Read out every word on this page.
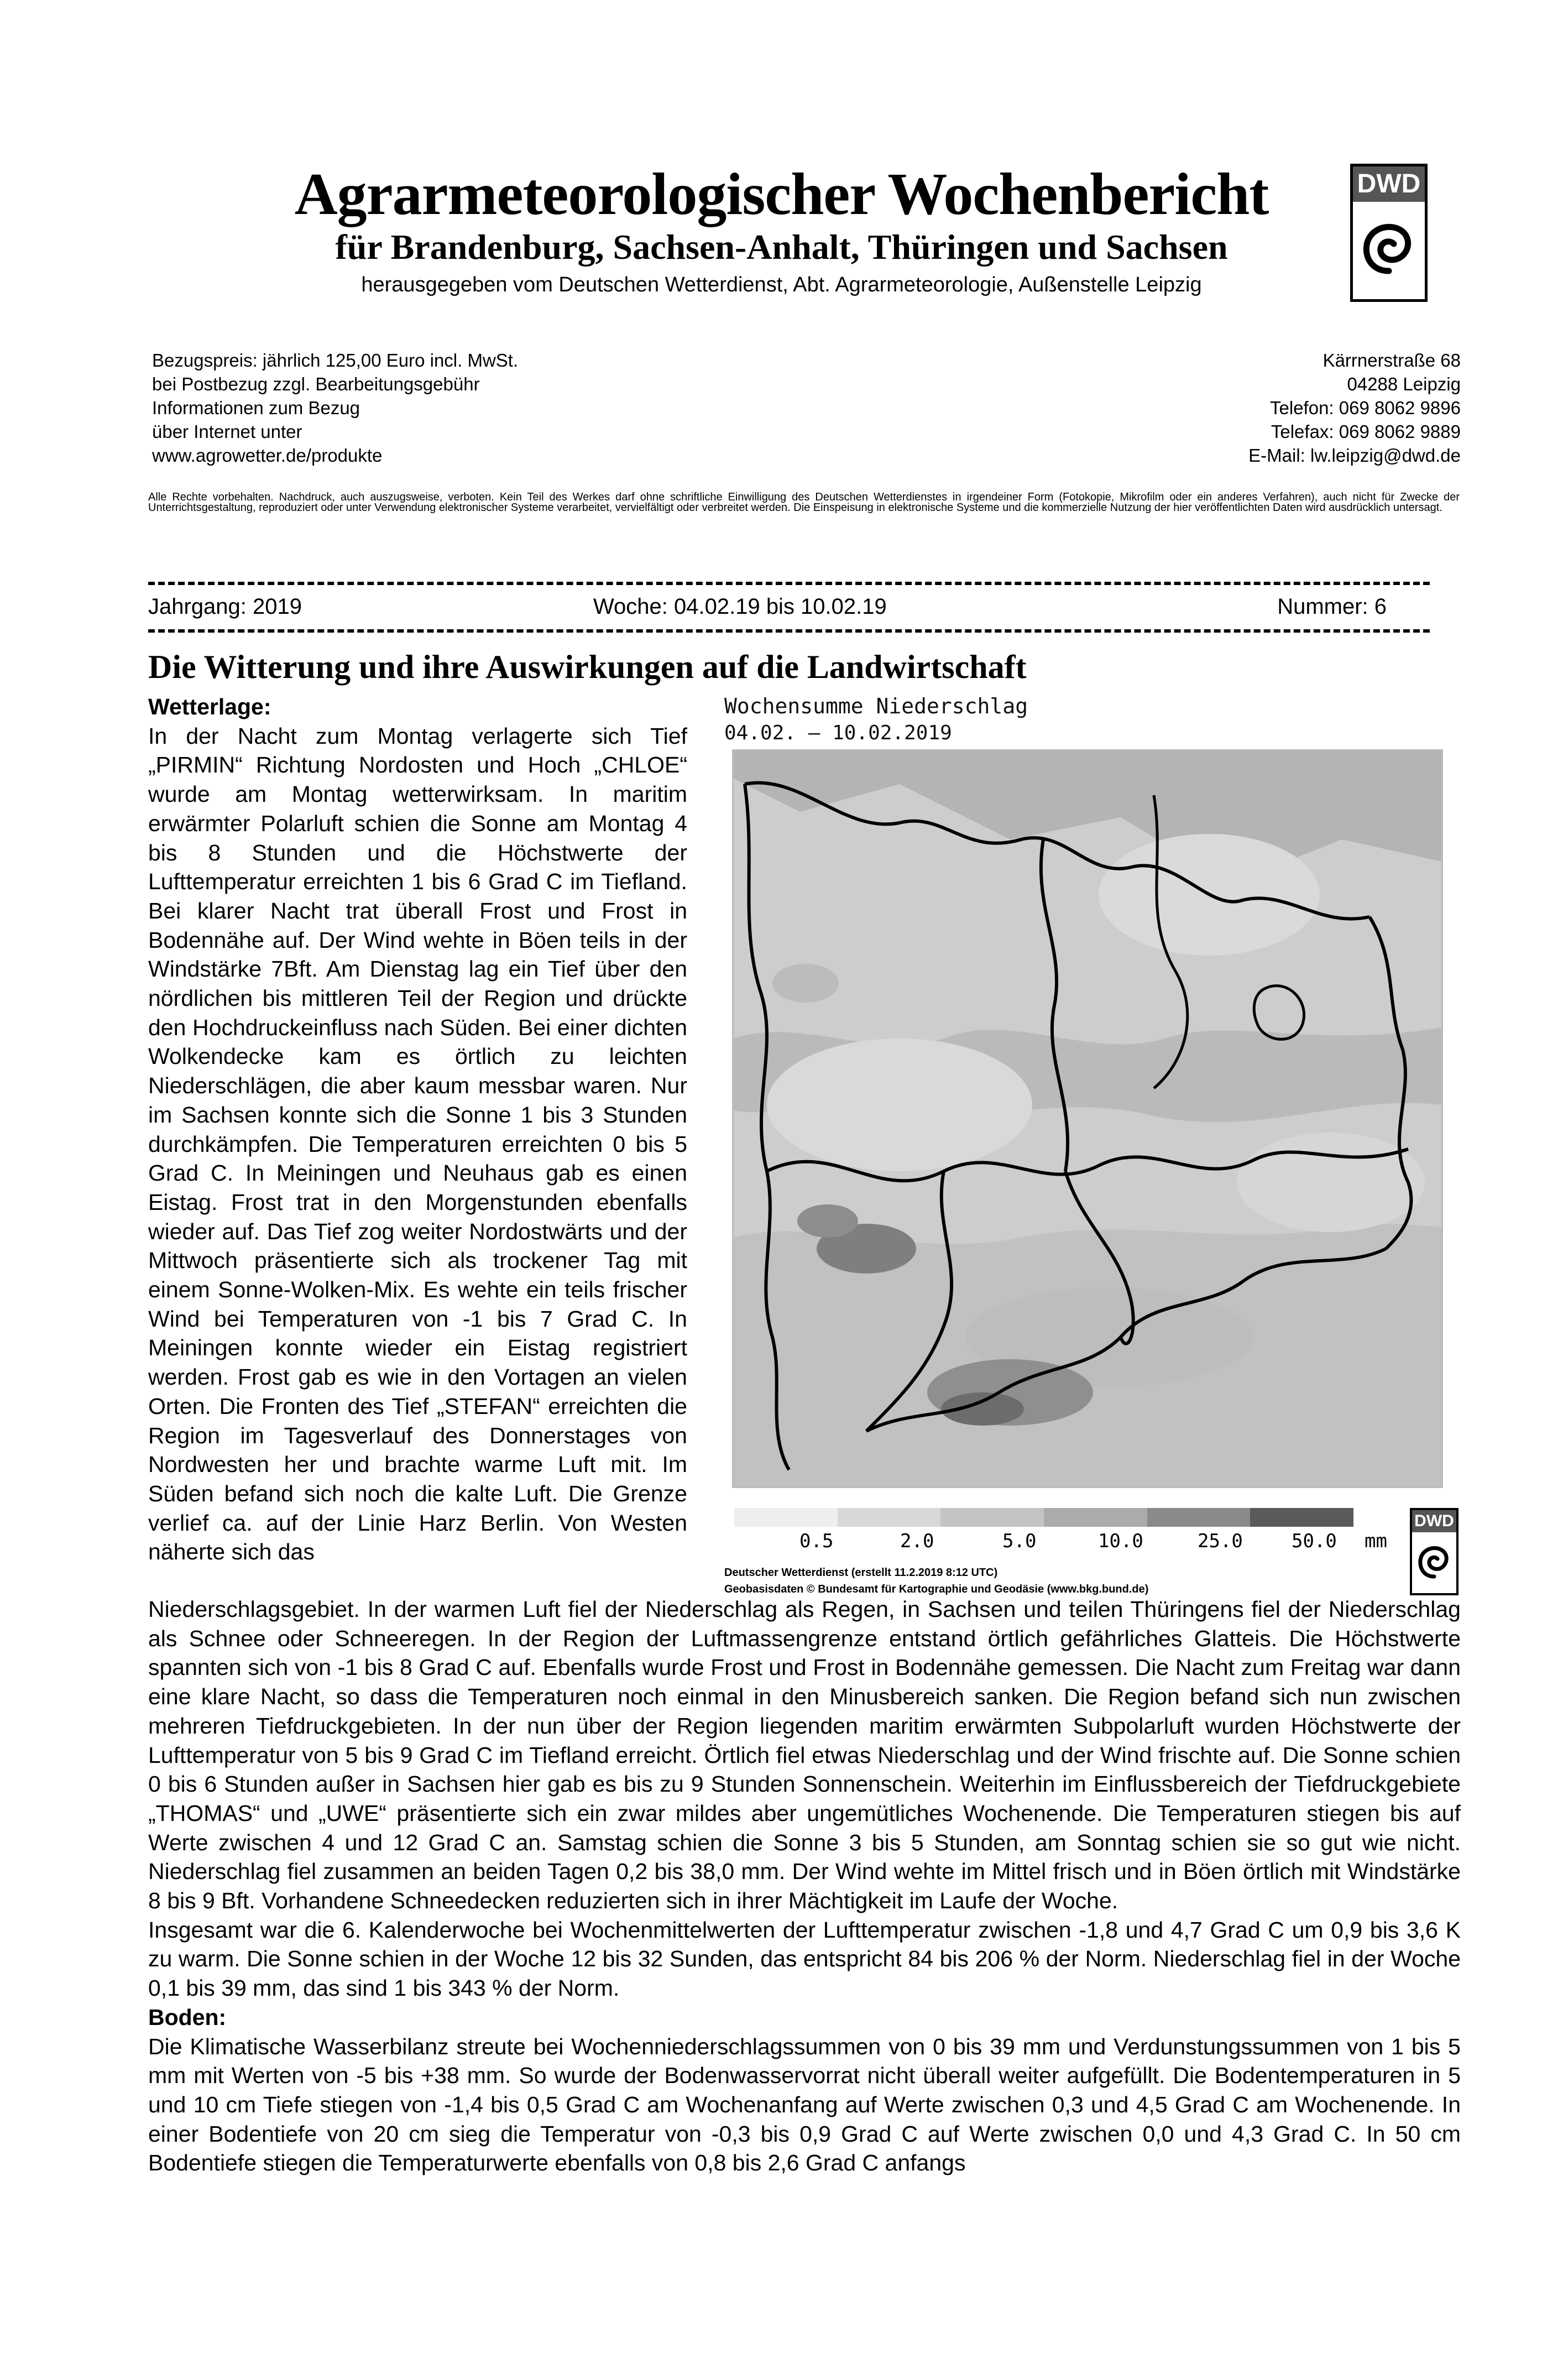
Agrarmeteorologischer Wochenbericht
für Brandenburg, Sachsen-Anhalt, Thüringen und Sachsen
herausgegeben vom Deutschen Wetterdienst, Abt. Agrarmeteorologie, Außenstelle Leipzig
DWD
Bezugspreis: jährlich 125,00 Euro incl. MwSt.
bei Postbezug zzgl. Bearbeitungsgebühr
Informationen zum Bezug
über Internet unter
www.agrowetter.de/produkte
Kärrnerstraße 68
04288 Leipzig
Telefon: 069 8062 9896
Telefax: 069 8062 9889
E-Mail: lw.leipzig@dwd.de
Alle Rechte vorbehalten. Nachdruck, auch auszugsweise, verboten. Kein Teil des Werkes darf ohne schriftliche Einwilligung des Deutschen Wetterdienstes in irgendeiner Form (Fotokopie, Mikrofilm oder ein anderes Verfahren), auch nicht für Zwecke der Unterrichtsgestaltung, reproduziert oder unter Verwendung elektronischer Systeme verarbeitet, vervielfältigt oder verbreitet werden. Die Einspeisung in elektronische Systeme und die kommerzielle Nutzung der hier veröffentlichten Daten wird ausdrücklich untersagt.
Jahrgang: 2019	Woche: 04.02.19 bis 10.02.19	Nummer: 6
Die Witterung und ihre Auswirkungen auf die Landwirtschaft
Wetterlage:

In der Nacht zum Montag verlagerte sich Tief „PIRMIN“ Richtung Nordosten und Hoch „CHLOE“ wurde am Montag wetterwirksam. In maritim erwärmter Polarluft schien die Sonne am Montag 4 bis 8 Stunden und die Höchstwerte der Lufttemperatur erreichten 1 bis 6 Grad C im Tiefland. Bei klarer Nacht trat überall Frost und Frost in Bodennähe auf. Der Wind wehte in Böen teils in der Windstärke 7Bft. Am Dienstag lag ein Tief über den nördlichen bis mittleren Teil der Region und drückte den Hochdruckeinfluss nach Süden. Bei einer dichten Wolkendecke kam es örtlich zu leichten Niederschlägen, die aber kaum messbar waren. Nur im Sachsen konnte sich die Sonne 1 bis 3 Stunden durchkämpfen. Die Temperaturen erreichten 0 bis 5 Grad C. In Meiningen und Neuhaus gab es einen Eistag. Frost trat in den Morgenstunden ebenfalls wieder auf. Das Tief zog weiter Nordostwärts und der Mittwoch präsentierte sich als trockener Tag mit einem Sonne-Wolken-Mix. Es wehte ein teils frischer Wind bei Temperaturen von -1 bis 7 Grad C. In Meiningen konnte wieder ein Eistag registriert werden. Frost gab es wie in den Vortagen an vielen Orten. Die Fronten des Tief „STEFAN“ erreichten die Region im Tagesverlauf des Donnerstages von Nordwesten her und brachte warme Luft mit. Im Süden befand sich noch die kalte Luft. Die Grenze verlief ca. auf der Linie Harz Berlin. Von Westen näherte sich das

Wochensumme Niederschlag
04.02. – 10.02.2019
0.5	2.0	5.0	10.0	25.0	50.0 mm
Deutscher Wetterdienst (erstellt 11.2.2019 8:12 UTC)
Geobasisdaten © Bundesamt für Kartographie und Geodäsie (www.bkg.bund.de)
DWD

Niederschlagsgebiet. In der warmen Luft fiel der Niederschlag als Regen, in Sachsen und teilen Thüringens fiel der Niederschlag als Schnee oder Schneeregen. In der Region der Luftmassengrenze entstand örtlich gefährliches Glatteis. Die Höchstwerte spannten sich von -1 bis 8 Grad C auf. Ebenfalls wurde Frost und Frost in Bodennähe gemessen. Die Nacht zum Freitag war dann eine klare Nacht, so dass die Temperaturen noch einmal in den Minusbereich sanken. Die Region befand sich nun zwischen mehreren Tiefdruckgebieten. In der nun über der Region liegenden maritim erwärmten Subpolarluft wurden Höchstwerte der Lufttemperatur von 5 bis 9 Grad C im Tiefland erreicht. Örtlich fiel etwas Niederschlag und der Wind frischte auf. Die Sonne schien 0 bis 6 Stunden außer in Sachsen hier gab es bis zu 9 Stunden Sonnenschein. Weiterhin im Einflussbereich der Tiefdruckgebiete „THOMAS“ und „UWE“ präsentierte sich ein zwar mildes aber ungemütliches Wochenende. Die Temperaturen stiegen bis auf Werte zwischen 4 und 12 Grad C an. Samstag schien die Sonne 3 bis 5 Stunden, am Sonntag schien sie so gut wie nicht. Niederschlag fiel zusammen an beiden Tagen 0,2 bis 38,0 mm. Der Wind wehte im Mittel frisch und in Böen örtlich mit Windstärke 8 bis 9 Bft. Vorhandene Schneedecken reduzierten sich in ihrer Mächtigkeit im Laufe der Woche.

Insgesamt war die 6. Kalenderwoche bei Wochenmittelwerten der Lufttemperatur zwischen -1,8 und 4,7 Grad C um 0,9 bis 3,6 K zu warm. Die Sonne schien in der Woche 12 bis 32 Sunden, das entspricht 84 bis 206 % der Norm. Niederschlag fiel in der Woche 0,1 bis 39 mm, das sind 1 bis 343 % der Norm.

Boden:

Die Klimatische Wasserbilanz streute bei Wochenniederschlagssummen von 0 bis 39 mm und Verdunstungssummen von 1 bis 5 mm mit Werten von -5 bis +38 mm. So wurde der Bodenwasservorrat nicht überall weiter aufgefüllt. Die Bodentemperaturen in 5 und 10 cm Tiefe stiegen von -1,4 bis 0,5 Grad C am Wochenanfang auf Werte zwischen 0,3 und 4,5 Grad C am Wochenende. In einer Bodentiefe von 20 cm sieg die Temperatur von -0,3 bis 0,9 Grad C auf Werte zwischen 0,0 und 4,3 Grad C. In 50 cm Bodentiefe stiegen die Temperaturwerte ebenfalls von 0,8 bis 2,6 Grad C anfangs
